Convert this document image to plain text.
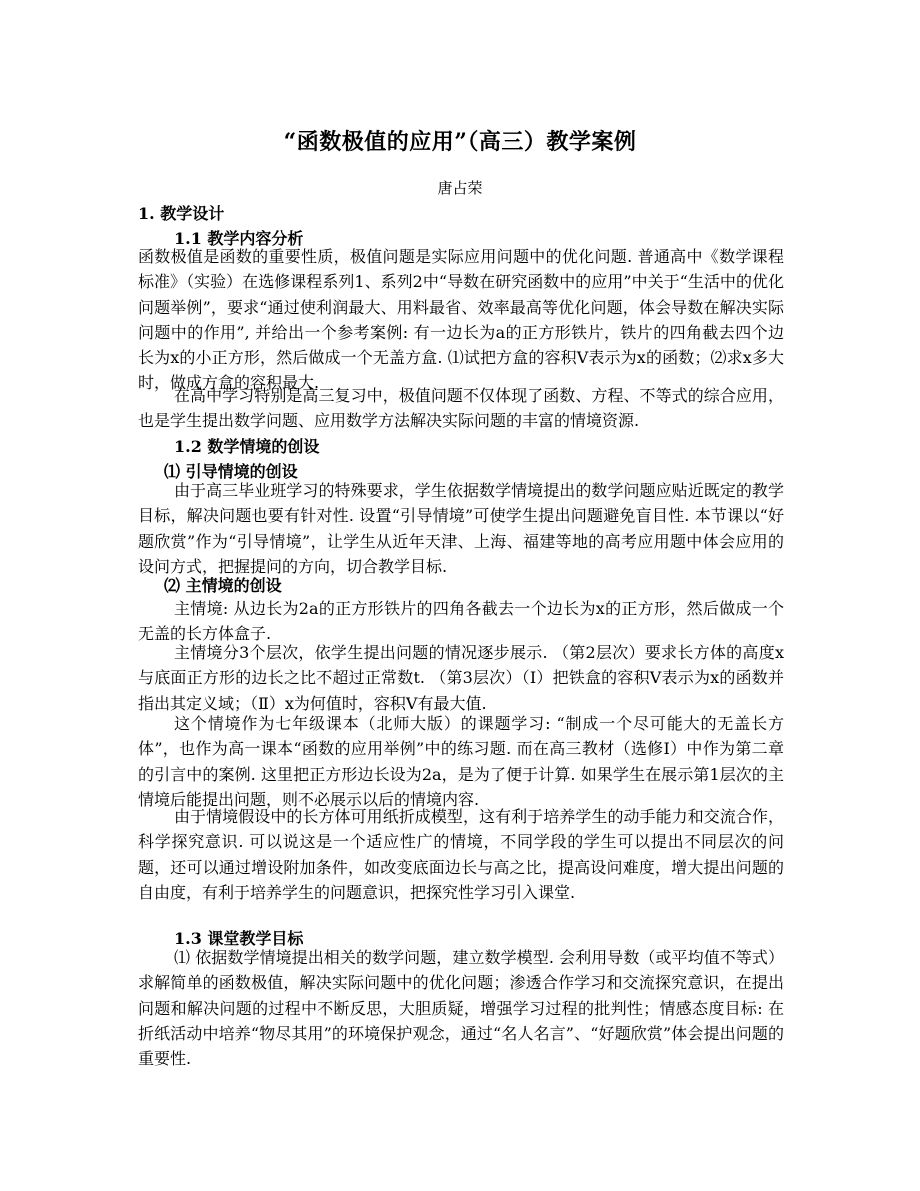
“函数极值的应用”（高三）教学案例
唐占荣
1. 教学设计
1.1 教学内容分析
函数极值是函数的重要性质，极值问题是实际应用问题中的优化问题. 普通高中《数学课程标准》（实验）在选修课程系列1、系列2中“导数在研究函数中的应用”中关于“生活中的优化问题举例”，要求“通过使利润最大、用料最省、效率最高等优化问题，体会导数在解决实际问题中的作用”, 并给出一个参考案例: 有一边长为a的正方形铁片，铁片的四角截去四个边长为x的小正方形，然后做成一个无盖方盒. ⑴试把方盒的容积V表示为x的函数；⑵求x多大时，做成方盒的容积最大.
在高中学习特别是高三复习中，极值问题不仅体现了函数、方程、不等式的综合应用，也是学生提出数学问题、应用数学方法解决实际问题的丰富的情境资源.
1.2 数学情境的创设
⑴ 引导情境的创设
由于高三毕业班学习的特殊要求，学生依据数学情境提出的数学问题应贴近既定的教学目标，解决问题也要有针对性. 设置“引导情境”可使学生提出问题避免盲目性. 本节课以“好题欣赏”作为“引导情境”，让学生从近年天津、上海、福建等地的高考应用题中体会应用的设问方式，把握提问的方向，切合教学目标.
⑵ 主情境的创设
主情境: 从边长为2a的正方形铁片的四角各截去一个边长为x的正方形，然后做成一个无盖的长方体盒子.
主情境分3个层次，依学生提出问题的情况逐步展示. （第2层次）要求长方体的高度x与底面正方形的边长之比不超过正常数t. （第3层次）（Ⅰ）把铁盒的容积V表示为x的函数并指出其定义域；（Ⅱ）x为何值时，容积V有最大值.
这个情境作为七年级课本（北师大版）的课题学习: “制成一个尽可能大的无盖长方体”，也作为高一课本“函数的应用举例”中的练习题. 而在高三教材（选修Ⅰ）中作为第二章的引言中的案例. 这里把正方形边长设为2a，是为了便于计算. 如果学生在展示第1层次的主情境后能提出问题，则不必展示以后的情境内容.
由于情境假设中的长方体可用纸折成模型，这有利于培养学生的动手能力和交流合作，科学探究意识. 可以说这是一个适应性广的情境，不同学段的学生可以提出不同层次的问题，还可以通过增设附加条件，如改变底面边长与高之比，提高设问难度，增大提出问题的自由度，有利于培养学生的问题意识，把探究性学习引入课堂.
1.3 课堂教学目标
⑴ 依据数学情境提出相关的数学问题，建立数学模型. 会利用导数（或平均值不等式）求解简单的函数极值，解决实际问题中的优化问题；渗透合作学习和交流探究意识，在提出问题和解决问题的过程中不断反思，大胆质疑，增强学习过程的批判性；情感态度目标: 在折纸活动中培养“物尽其用”的环境保护观念，通过“名人名言”、“好题欣赏”体会提出问题的重要性.
